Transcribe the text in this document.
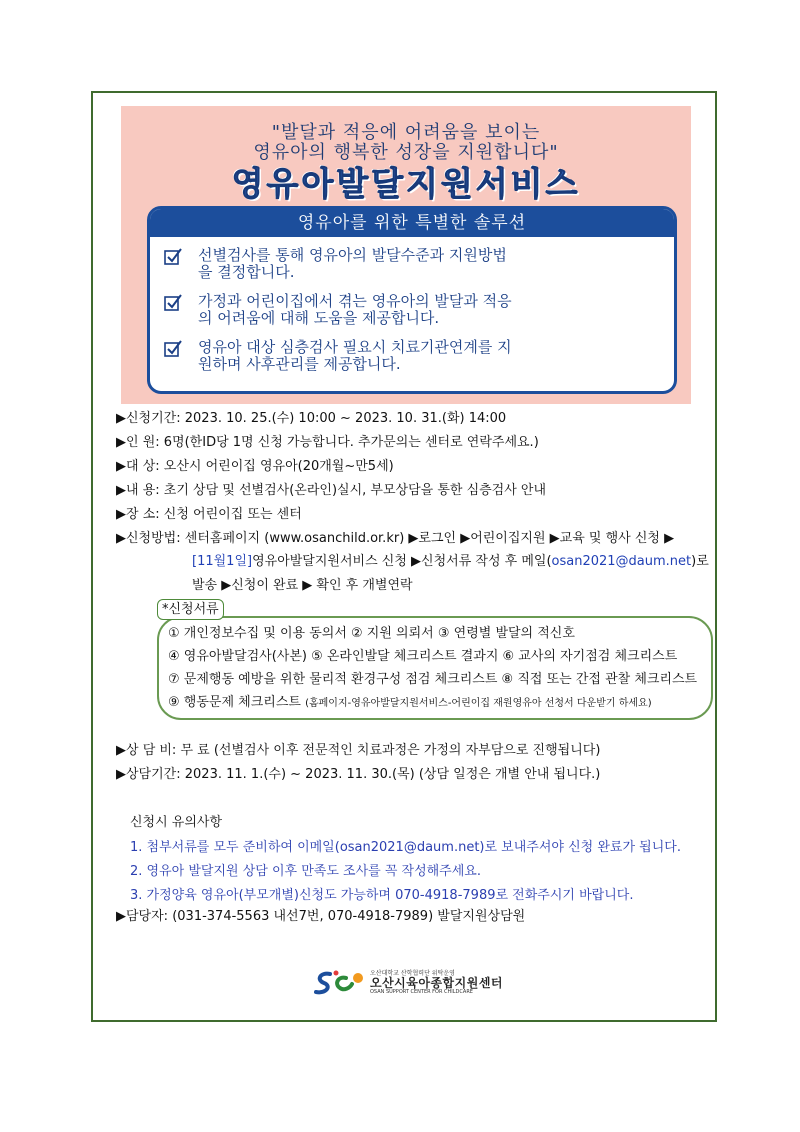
"발달과 적응에 어려움을 보이는
영유아의 행복한 성장을 지원합니다"
영유아발달지원서비스
영유아를 위한 특별한 솔루션
선별검사를 통해 영유아의 발달수준과 지원방법
을 결정합니다.
가정과 어린이집에서 겪는 영유아의 발달과 적응
의 어려움에 대해 도움을 제공합니다.
영유아 대상 심층검사 필요시 치료기관연계를 지
원하며 사후관리를 제공합니다.
▶신청기간: 2023. 10. 25.(수) 10:00 ~ 2023. 10. 31.(화) 14:00
▶인 원: 6명(한ID당 1명 신청 가능합니다. 추가문의는 센터로 연락주세요.)
▶대 상: 오산시 어린이집 영유아(20개월~만5세)
▶내 용: 초기 상담 및 선별검사(온라인)실시, 부모상담을 통한 심층검사 안내
▶장 소: 신청 어린이집 또는 센터
▶신청방법: 센터홈페이지 (www.osanchild.or.kr) ▶로그인 ▶어린이집지원 ▶교육 및 행사 신청 ▶
[11월1일]영유아발달지원서비스 신청 ▶신청서류 작성 후 메일(osan2021@daum.net)로
발송 ▶신청이 완료 ▶ 확인 후 개별연락
*신청서류
① 개인정보수집 및 이용 동의서 ② 지원 의뢰서 ③ 연령별 발달의 적신호
④ 영유아발달검사(사본) ⑤ 온라인발달 체크리스트 결과지 ⑥ 교사의 자기점검 체크리스트
⑦ 문제행동 예방을 위한 물리적 환경구성 점검 체크리스트 ⑧ 직접 또는 간접 관찰 체크리스트
⑨ 행동문제 체크리스트 (홈페이지-영유아발달지원서비스-어린이집 재원영유아 선청서 다운받기 하세요)
▶상 담 비: 무 료 (선별검사 이후 전문적인 치료과정은 가정의 자부담으로 진행됩니다)
▶상담기간: 2023. 11. 1.(수) ~ 2023. 11. 30.(목) (상담 일정은 개별 안내 됩니다.)
신청시 유의사항
1. 첨부서류를 모두 준비하여 이메일(osan2021@daum.net)로 보내주셔야 신청 완료가 됩니다.
2. 영유아 발달지원 상담 이후 만족도 조사를 꼭 작성해주세요.
3. 가정양육 영유아(부모개별)신청도 가능하며 070-4918-7989로 전화주시기 바랍니다.
▶담당자: (031-374-5563 내선7번, 070-4918-7989) 발달지원상담원
오산대학교 산학협력단 위탁운영
오산시육아종합지원센터
OSAN SUPPORT CENTER FOR CHILDCARE
